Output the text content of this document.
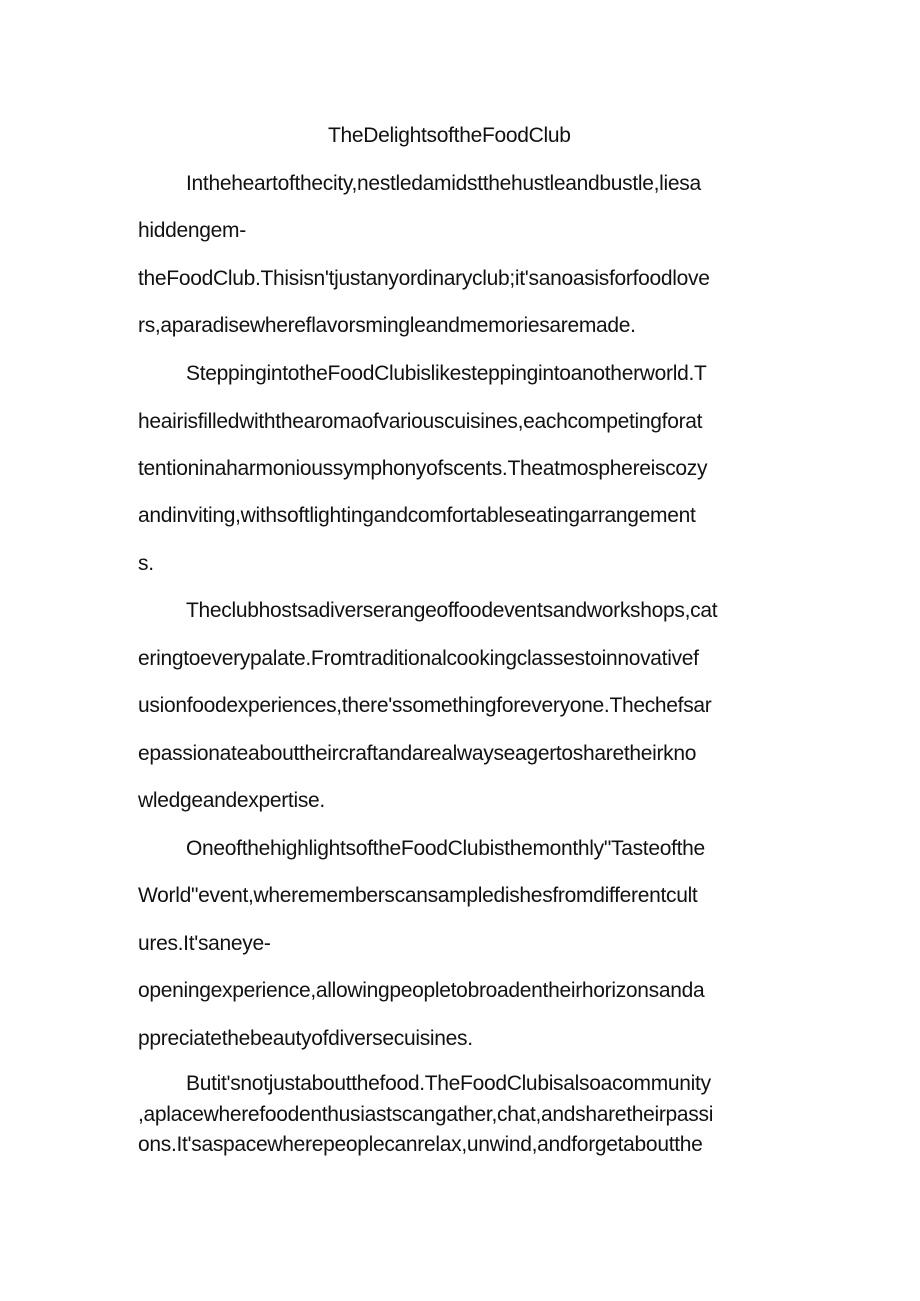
TheDelightsoftheFoodClub
Intheheartofthecity,nestledamidstthehustleandbustle,liesa
hiddengem-
theFoodClub.Thisisn'tjustanyordinaryclub;it'sanoasisforfoodlove
rs,aparadisewhereflavorsmingleandmemoriesaremade.
SteppingintotheFoodClubislikesteppingintoanotherworld.T
heairisfilledwiththearomaofvariouscuisines,eachcompetingforat
tentioninaharmonioussymphonyofscents.Theatmosphereiscozy
andinviting,withsoftlightingandcomfortableseatingarrangement
s.
Theclubhostsadiverserangeoffoodeventsandworkshops,cat
eringtoeverypalate.Fromtraditionalcookingclassestoinnovativef
usionfoodexperiences,there'ssomethingforeveryone.Thechefsar
epassionateabouttheircraftandarealwayseagertosharetheirkno
wledgeandexpertise.
OneofthehighlightsoftheFoodClubisthemonthly"Tasteofthe
World"event,wherememberscansampledishesfromdifferentcult
ures.It'saneye-
openingexperience,allowingpeopletobroadentheirhorizonsanda
ppreciatethebeautyofdiversecuisines.
Butit'snotjustaboutthefood.TheFoodClubisalsoacommunity
,aplacewherefoodenthusiastscangather,chat,andsharetheirpassi
ons.It'saspacewherepeoplecanrelax,unwind,andforgetaboutthe
